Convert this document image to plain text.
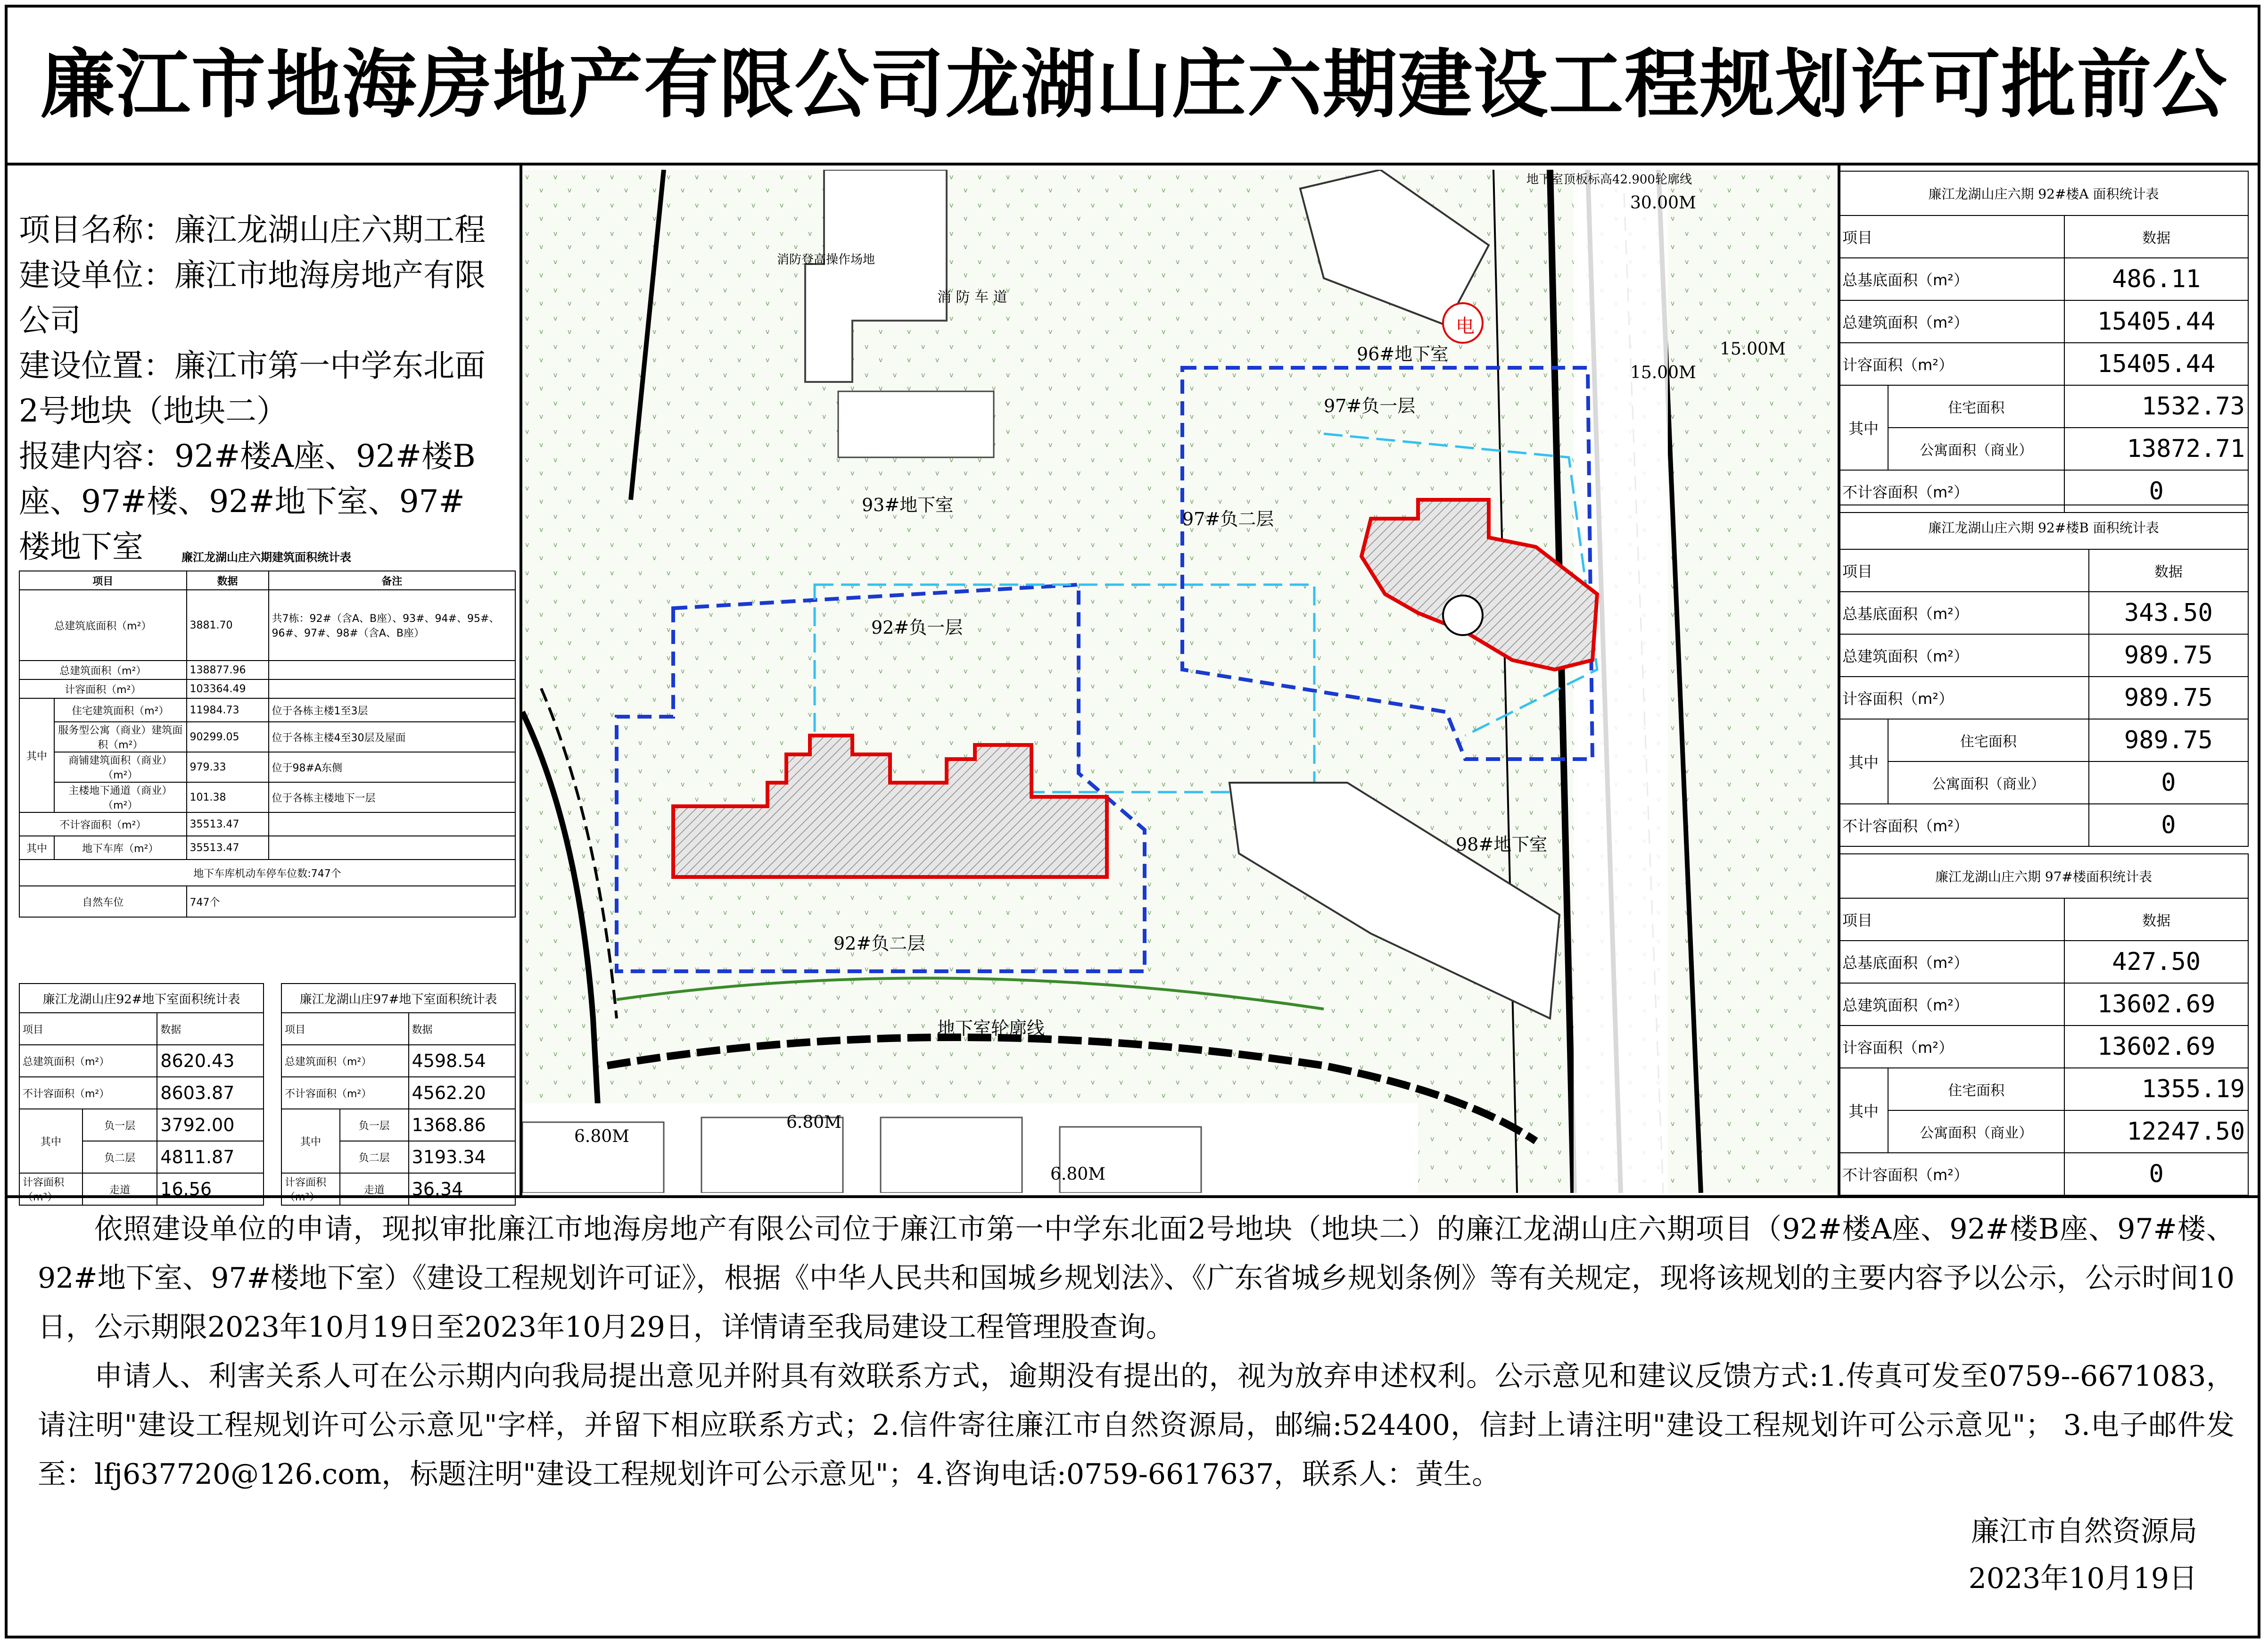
廉江市地海房地产有限公司龙湖山庄六期建设工程规划许可批前公
项目名称：廉江龙湖山庄六期工程
建设单位：廉江市地海房地产有限公司
建设位置：廉江市第一中学东北面2号地块（地块二）
报建内容：92#楼A座、92#楼B座、97#楼、92#地下室、97#楼地下室	廉江龙湖山庄六期建筑面积统计表
项目		数据	备注
总建筑底面积（m²）		3881.70	共7栋：92#（含A、B座）、93#、94#、95#、96#、97#、98#（含A、B座）
总建筑面积（m²）		138877.96	
计容面积（m²）		103364.49	
其中	住宅建筑面积（m²）	11984.73	位于各栋主楼1至3层
	服务型公寓（商业）建筑面积（m²）	90299.05	位于各栋主楼4至30层及屋面
	商铺建筑面积（商业）（m²）	979.33	位于98#A东侧
	主楼地下通道（商业）（m²）	101.38	位于各栋主楼地下一层
不计容面积（m²）		35513.47	
其中	地下车库（m²）	35513.47	
地下车库机动车停车位数:747个			
自然车位		747个	
廉江龙湖山庄92#地下室面积统计表		
项目		数据
总建筑面积（m²）		8620.43
不计容面积（m²）		8603.87
其中	负一层	3792.00
	负二层	4811.87
计容面积（m²）	走道	16.56
廉江龙湖山庄97#地下室面积统计表		
项目		数据
总建筑面积（m²）		4598.54
不计容面积（m²）		4562.20
其中	负一层	1368.86
	负二层	3193.34
计容面积（m²）	走道	36.34
廉江龙湖山庄六期 92#楼A 面积统计表		
项目		数据
总基底面积（m²）		486.11
总建筑面积（m²）		15405.44
计容面积（m²）		15405.44
其中	住宅面积	1532.73
	公寓面积（商业）	13872.71
不计容面积（m²）		0
廉江龙湖山庄六期 92#楼B 面积统计表		
项目		数据
总基底面积（m²）		343.50
总建筑面积（m²）		989.75
计容面积（m²）		989.75
其中	住宅面积	989.75
	公寓面积（商业）	0
不计容面积（m²）		0
廉江龙湖山庄六期 97#楼面积统计表		
项目		数据
总基底面积（m²）		427.50
总建筑面积（m²）		13602.69
计容面积（m²）		13602.69
其中	住宅面积	1355.19
	公寓面积（商业）	12247.50
不计容面积（m²）		0
93#地下室
92#负一层
92#负二层
97#负一层
97#负二层
96#地下室
98#地下室
地下室轮廓线
地下室顶板标高42.900轮廓线
30.00M
15.00M
15.00M
6.80M
6.80M
6.80M
消防登高操作场地
消 防 车 道
电

依照建设单位的申请，现拟审批廉江市地海房地产有限公司位于廉江市第一中学东北面2号地块（地块二）的廉江龙湖山庄六期项目（92#楼A座、92#楼B座、97#楼、92#地下室、97#楼地下室）《建设工程规划许可证》，根据《中华人民共和国城乡规划法》、《广东省城乡规划条例》等有关规定，现将该规划的主要内容予以公示，公示时间10日，公示期限2023年10月19日至2023年10月29日，详情请至我局建设工程管理股查询。

申请人、利害关系人可在公示期内向我局提出意见并附具有效联系方式，逾期没有提出的，视为放弃申述权利。公示意见和建议反馈方式:1.传真可发至0759--6671083，请注明"建设工程规划许可公示意见"字样，并留下相应联系方式；2.信件寄往廉江市自然资源局，邮编:524400，信封上请注明"建设工程规划许可公示意见"； 3.电子邮件发至：lfj637720@126.com，标题注明"建设工程规划许可公示意见"；4.咨询电话:0759-6617637，联系人：黄生。

廉江市自然资源局
2023年10月19日
